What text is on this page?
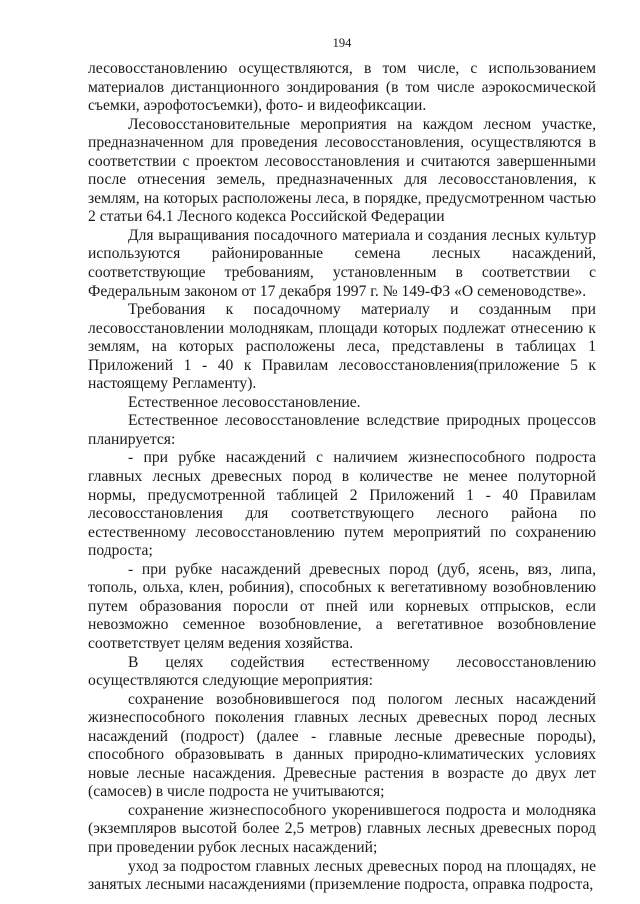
194

лесовосстановлению осуществляются, в том числе, с использованием материалов дистанционного зондирования (в том числе аэрокосмической съемки, аэрофотосъемки), фото- и видеофиксации.

Лесовосстановительные мероприятия на каждом лесном участке, предназначенном для проведения лесовосстановления, осуществляются в соответствии с проектом лесовосстановления и считаются завершенными после отнесения земель, предназначенных для лесовосстановления, к землям, на которых расположены леса, в порядке, предусмотренном частью 2 статьи 64.1 Лесного кодекса Российской Федерации

Для выращивания посадочного материала и создания лесных культур используются районированные семена лесных насаждений, соответствующие требованиям, установленным в соответствии с Федеральным законом от 17 декабря 1997 г. № 149-ФЗ «О семеноводстве».

Требования к посадочному материалу и созданным при лесовосстановлении молоднякам, площади которых подлежат отнесению к землям, на которых расположены леса, представлены в таблицах 1 Приложений 1 - 40 к Правилам лесовосстановления(приложение 5 к настоящему Регламенту).

Естественное лесовосстановление.

Естественное лесовосстановление вследствие природных процессов планируется:

- при рубке насаждений с наличием жизнеспособного подроста главных лесных древесных пород в количестве не менее полуторной нормы, предусмотренной таблицей 2 Приложений 1 - 40 Правилам лесовосстановления для соответствующего лесного района по естественному лесовосстановлению путем мероприятий по сохранению подроста;

- при рубке насаждений древесных пород (дуб, ясень, вяз, липа, тополь, ольха, клен, робиния), способных к вегетативному возобновлению путем образования поросли от пней или корневых отпрысков, если невозможно семенное возобновление, а вегетативное возобновление соответствует целям ведения хозяйства.

В целях содействия естественному лесовосстановлению осуществляются следующие мероприятия:

сохранение возобновившегося под пологом лесных насаждений жизнеспособного поколения главных лесных древесных пород лесных насаждений (подрост) (далее - главные лесные древесные породы), способного образовывать в данных природно-климатических условиях новые лесные насаждения. Древесные растения в возрасте до двух лет (самосев) в числе подроста не учитываются;

сохранение жизнеспособного укоренившегося подроста и молодняка (экземпляров высотой более 2,5 метров) главных лесных древесных пород при проведении рубок лесных насаждений;

уход за подростом главных лесных древесных пород на площадях, не занятых лесными насаждениями (приземление подроста, оправка подроста,
